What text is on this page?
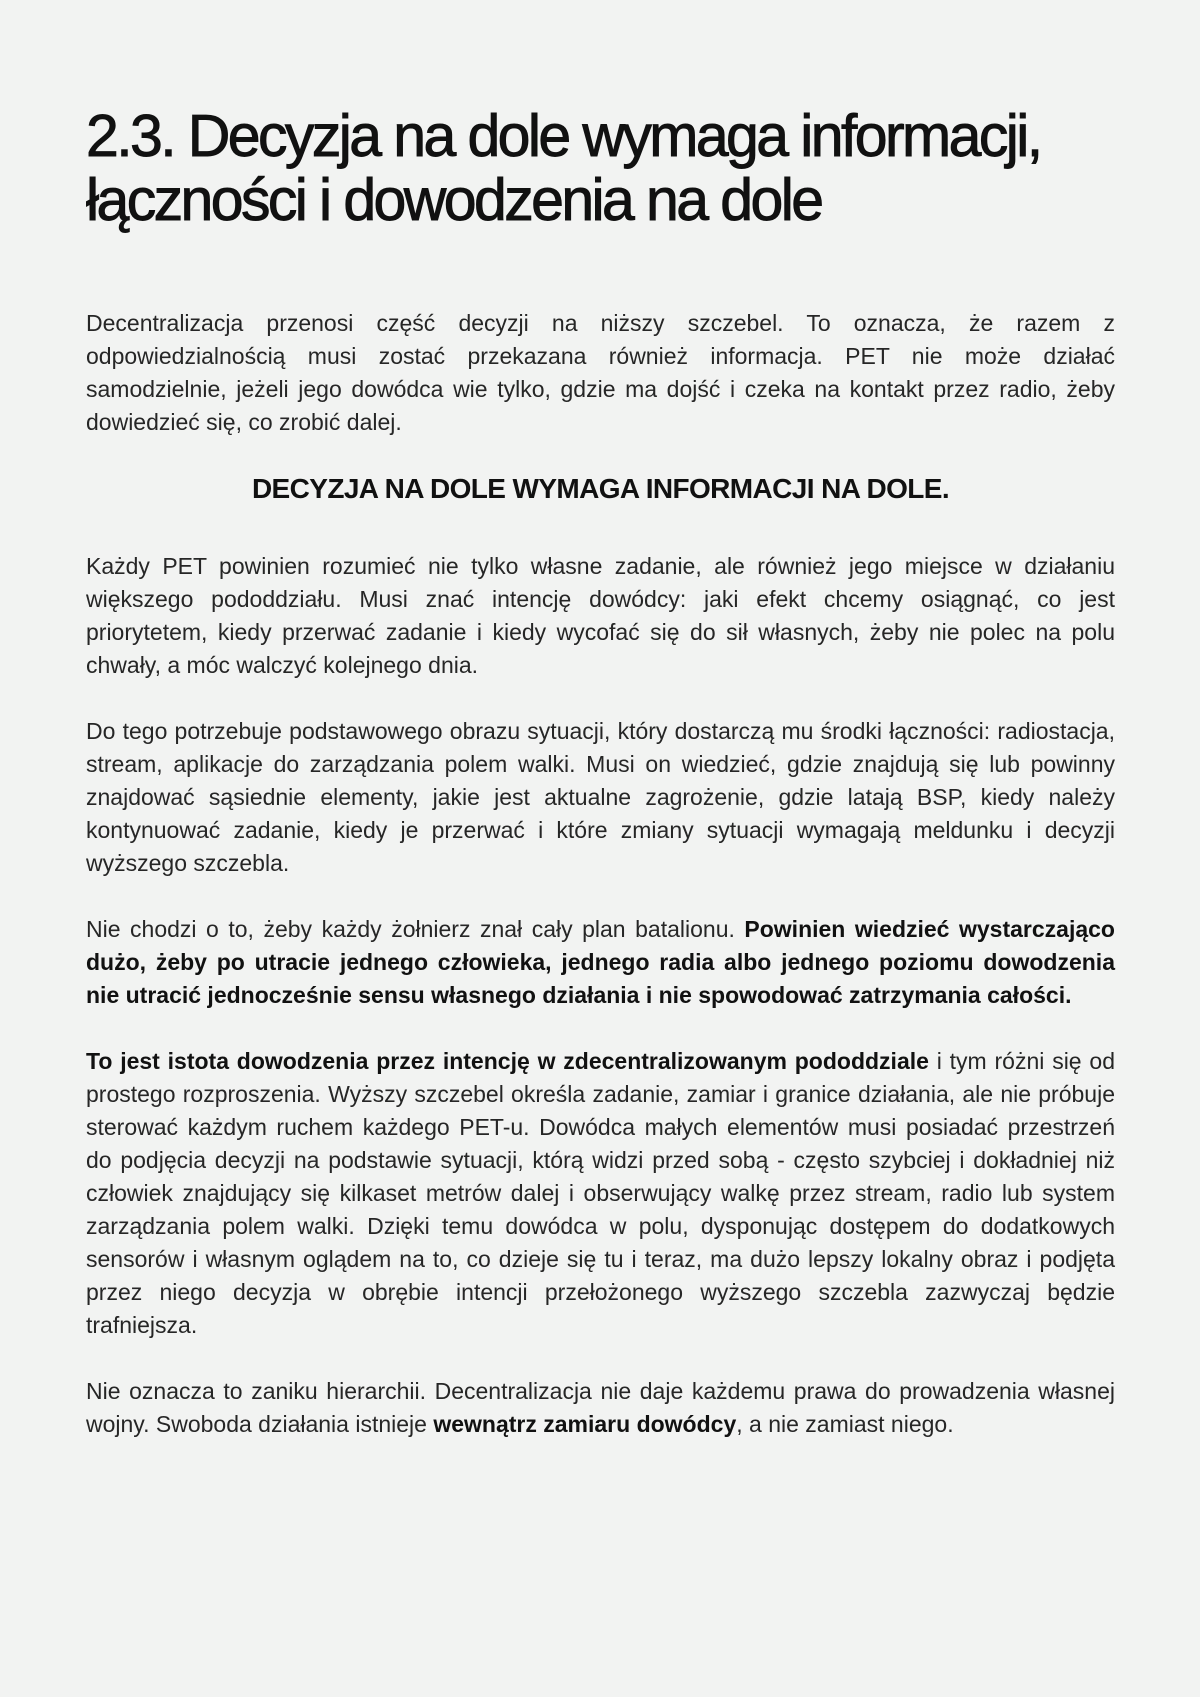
2.3. Decyzja na dole wymaga informacji,
łączności i dowodzenia na dole

Decentralizacja przenosi część decyzji na niższy szczebel. To oznacza, że razem z odpowiedzialnością musi zostać przekazana również informacja. PET nie może działać samodzielnie, jeżeli jego dowódca wie tylko, gdzie ma dojść i czeka na kontakt przez radio, żeby dowiedzieć się, co zrobić dalej.

DECYZJA NA DOLE WYMAGA INFORMACJI NA DOLE.

Każdy PET powinien rozumieć nie tylko własne zadanie, ale również jego miejsce w działaniu większego pododdziału. Musi znać intencję dowódcy: jaki efekt chcemy osiągnąć, co jest priorytetem, kiedy przerwać zadanie i kiedy wycofać się do sił własnych, żeby nie polec na polu chwały, a móc walczyć kolejnego dnia.

Do tego potrzebuje podstawowego obrazu sytuacji, który dostarczą mu środki łączności: radiostacja, stream, aplikacje do zarządzania polem walki. Musi on wiedzieć, gdzie znajdują się lub powinny znajdować sąsiednie elementy, jakie jest aktualne zagrożenie, gdzie latają BSP, kiedy należy kontynuować zadanie, kiedy je przerwać i które zmiany sytuacji wymagają meldunku i decyzji wyższego szczebla.

Nie chodzi o to, żeby każdy żołnierz znał cały plan batalionu. Powinien wiedzieć wystarczająco dużo, żeby po utracie jednego człowieka, jednego radia albo jednego poziomu dowodzenia nie utracić jednocześnie sensu własnego działania i nie spowodować zatrzymania całości.

To jest istota dowodzenia przez intencję w zdecentralizowanym pododdziale i tym różni się od prostego rozproszenia. Wyższy szczebel określa zadanie, zamiar i granice działania, ale nie próbuje sterować każdym ruchem każdego PET-u. Dowódca małych elementów musi posiadać przestrzeń do podjęcia decyzji na podstawie sytuacji, którą widzi przed sobą - często szybciej i dokładniej niż człowiek znajdujący się kilkaset metrów dalej i obserwujący walkę przez stream, radio lub system zarządzania polem walki. Dzięki temu dowódca w polu, dysponując dostępem do dodatkowych sensorów i własnym oglądem na to, co dzieje się tu i teraz, ma dużo lepszy lokalny obraz i podjęta przez niego decyzja w obrębie intencji przełożonego wyższego szczebla zazwyczaj będzie trafniejsza.

Nie oznacza to zaniku hierarchii. Decentralizacja nie daje każdemu prawa do prowadzenia własnej wojny. Swoboda działania istnieje wewnątrz zamiaru dowódcy, a nie zamiast niego.
